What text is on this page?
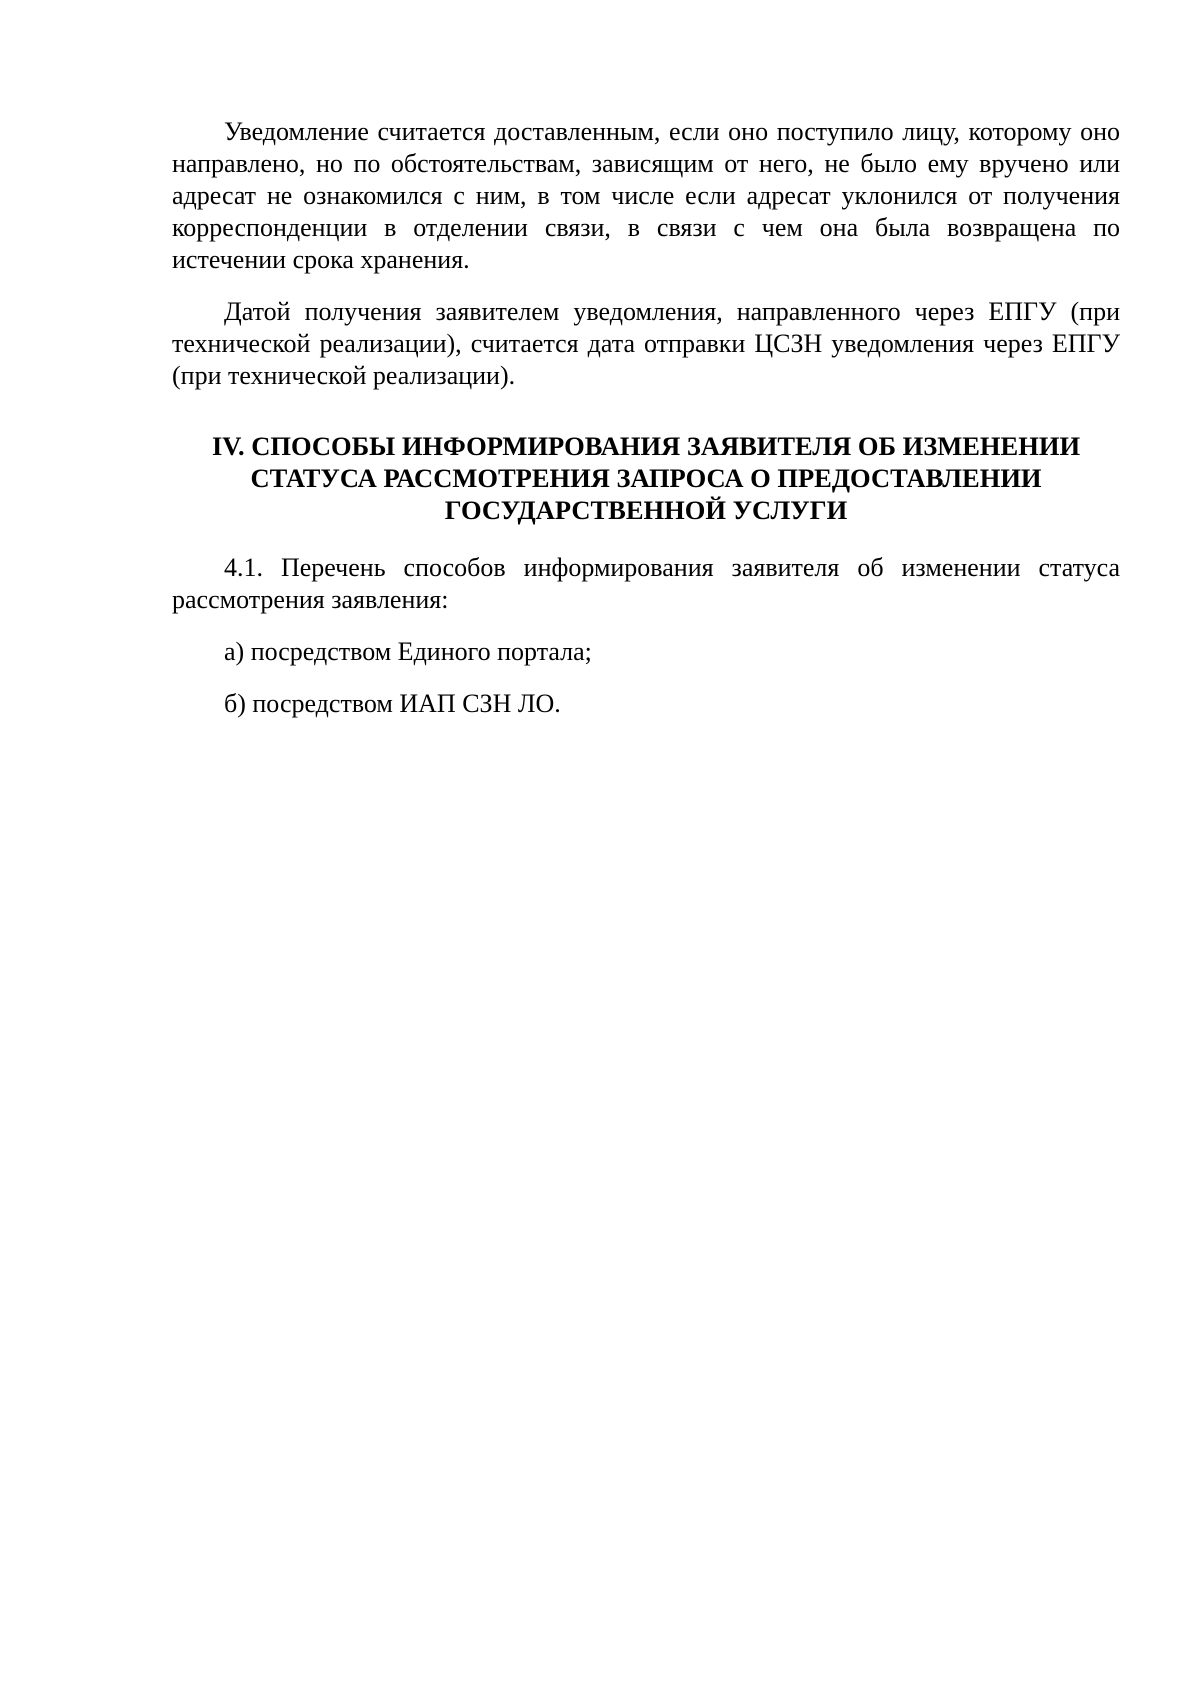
Уведомление считается доставленным, если оно поступило лицу, которому оно направлено, но по обстоятельствам, зависящим от него, не было ему вручено или адресат не ознакомился с ним, в том числе если адресат уклонился от получения корреспонденции в отделении связи, в связи с чем она была возвращена по истечении срока хранения.

Датой получения заявителем уведомления, направленного через ЕПГУ (при технической реализации), считается дата отправки ЦСЗН уведомления через ЕПГУ (при технической реализации).

IV. СПОСОБЫ ИНФОРМИРОВАНИЯ ЗАЯВИТЕЛЯ ОБ ИЗМЕНЕНИИ
СТАТУСА РАССМОТРЕНИЯ ЗАПРОСА О ПРЕДОСТАВЛЕНИИ
ГОСУДАРСТВЕННОЙ УСЛУГИ

4.1. Перечень способов информирования заявителя об изменении статуса рассмотрения заявления:

а) посредством Единого портала;

б) посредством ИАП СЗН ЛО.
